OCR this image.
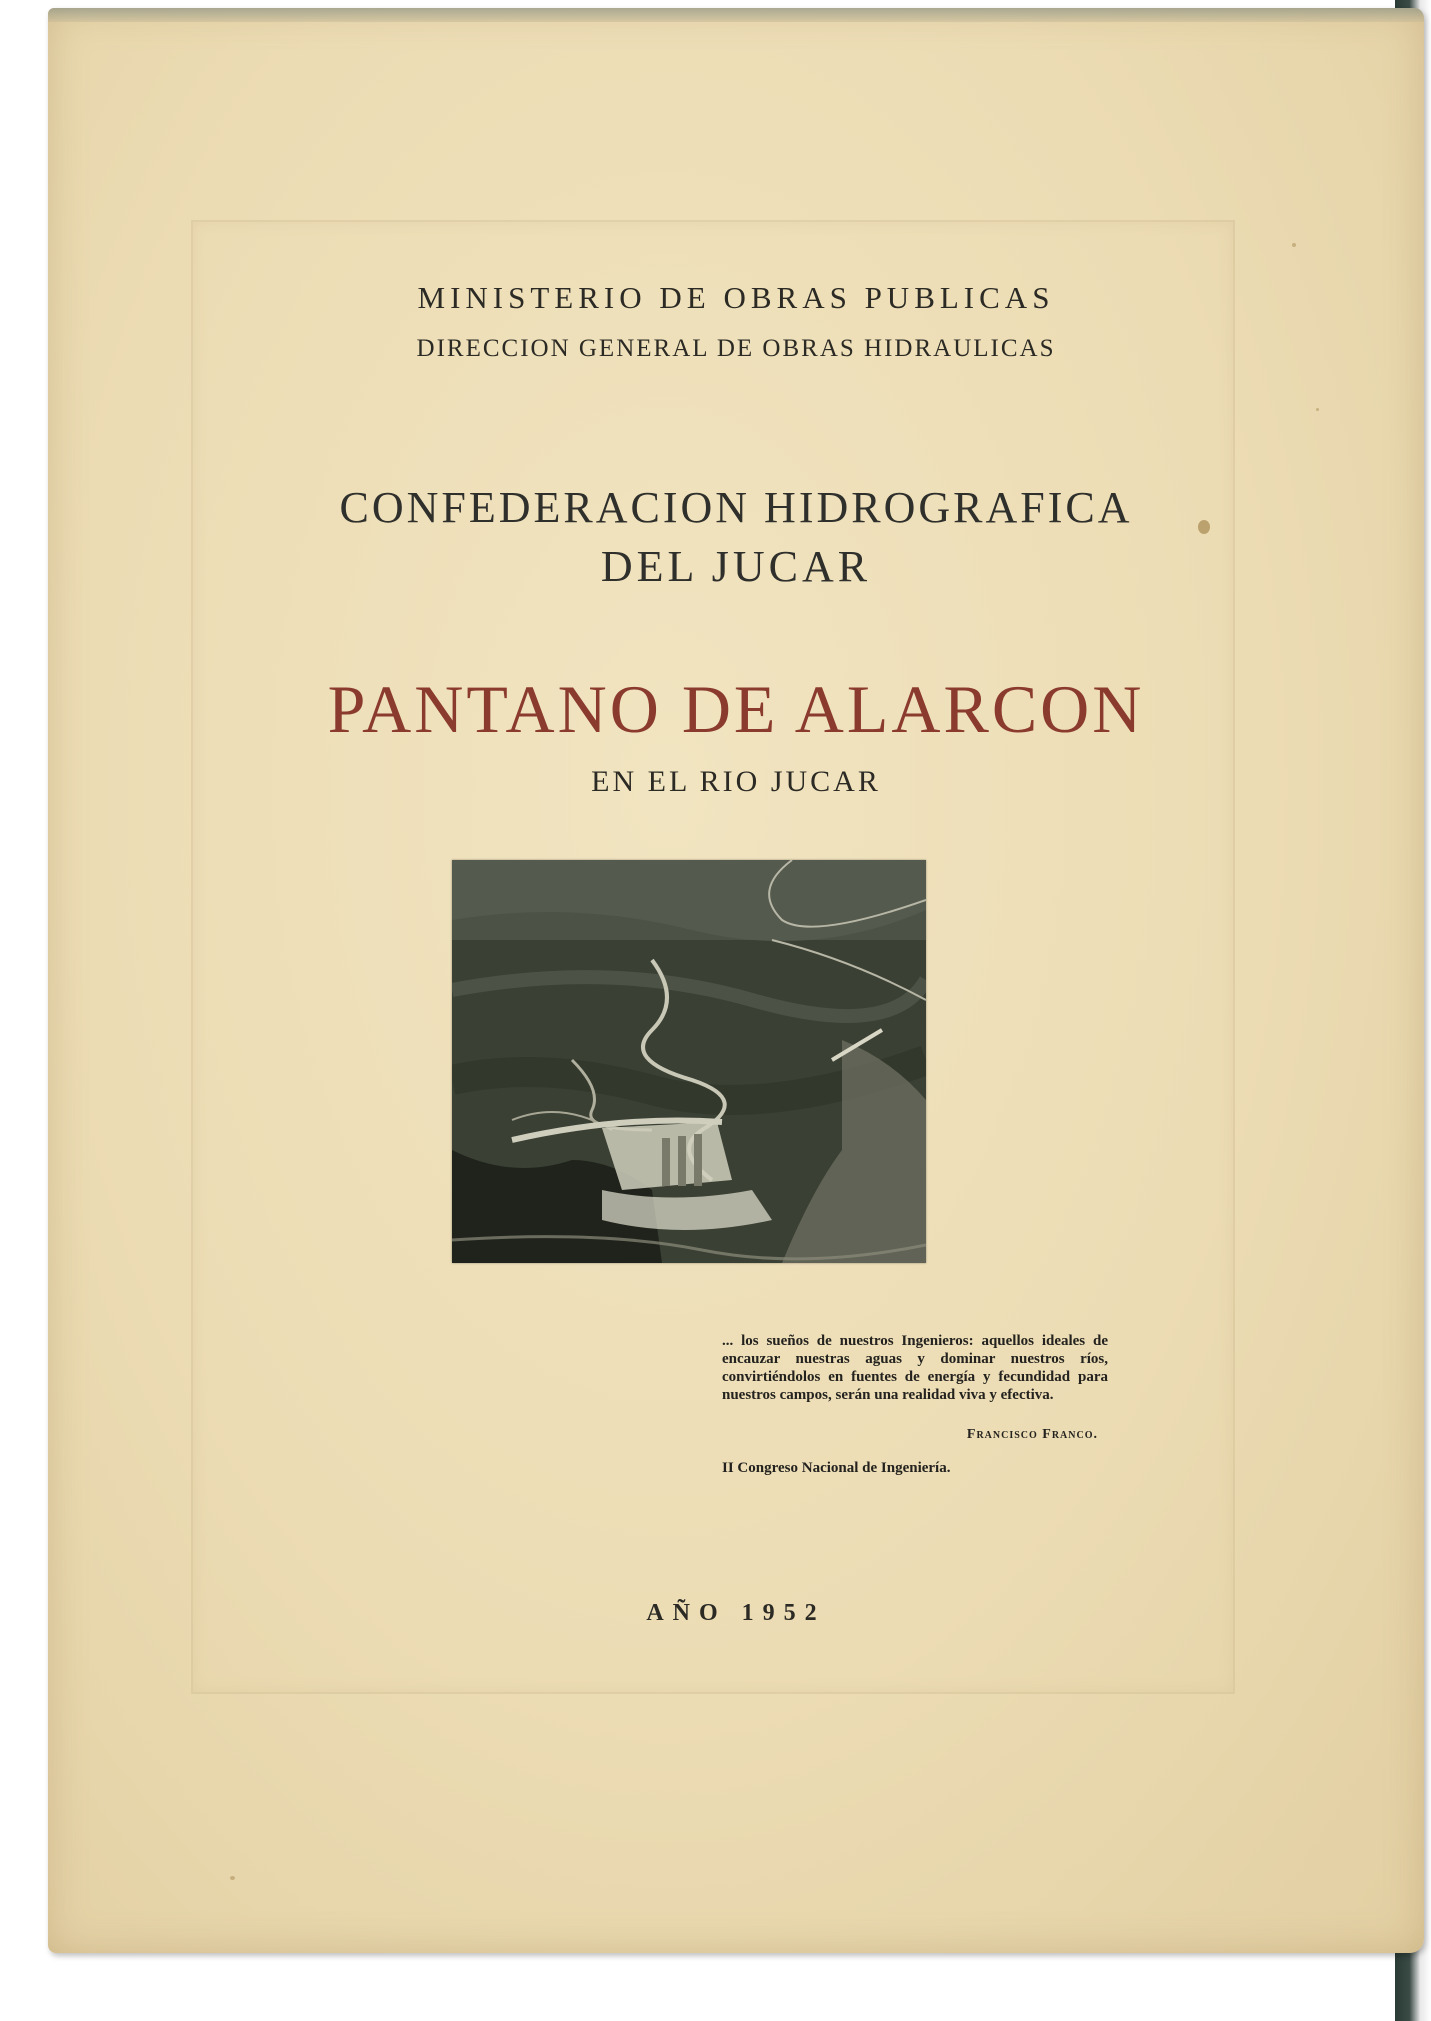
MINISTERIO DE OBRAS PUBLICAS

DIRECCION GENERAL DE OBRAS HIDRAULICAS

CONFEDERACION HIDROGRAFICA

DEL JUCAR

PANTANO DE ALARCON

EN EL RIO JUCAR

... los sueños de nuestros Ingenieros: aquellos ideales de encauzar nuestras aguas y dominar nuestros ríos, convirtiéndolos en fuentes de energía y fecundidad para nuestros campos, serán una realidad viva y efectiva.

Francisco Franco.
II Congreso Nacional de Ingeniería.
AÑO 1952
